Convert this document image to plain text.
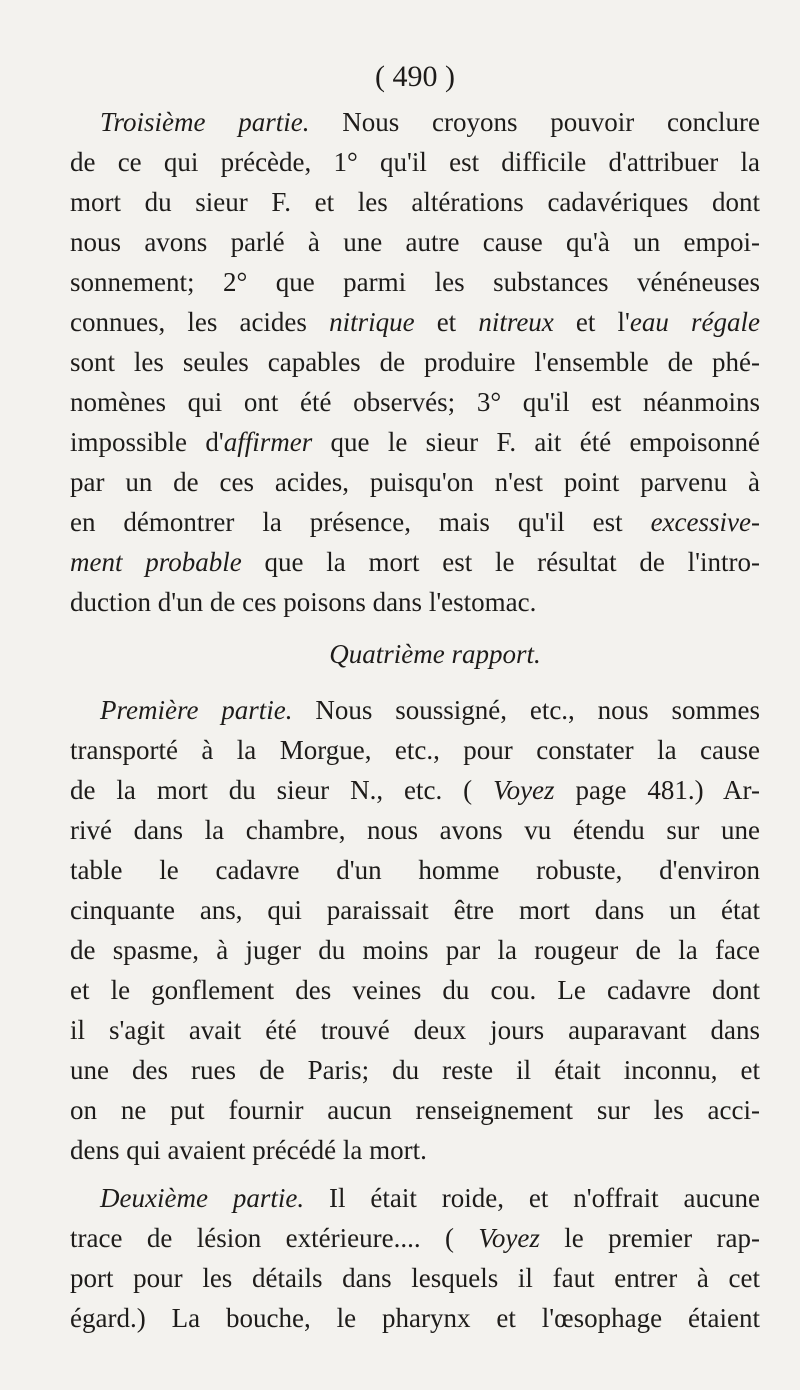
( 490 )
Troisième partie. Nous croyons pouvoir conclure
de ce qui précède, 1° qu'il est difficile d'attribuer la
mort du sieur F. et les altérations cadavériques dont
nous avons parlé à une autre cause qu'à un empoi-
sonnement; 2° que parmi les substances vénéneuses
connues, les acides nitrique et nitreux et l'eau régale
sont les seules capables de produire l'ensemble de phé-
nomènes qui ont été observés; 3° qu'il est néanmoins
impossible d'affirmer que le sieur F. ait été empoisonné
par un de ces acides, puisqu'on n'est point parvenu à
en démontrer la présence, mais qu'il est excessive-
ment probable que la mort est le résultat de l'intro-
duction d'un de ces poisons dans l'estomac.
Quatrième rapport.
Première partie. Nous soussigné, etc., nous sommes
transporté à la Morgue, etc., pour constater la cause
de la mort du sieur N., etc. ( Voyez page 481.) Ar-
rivé dans la chambre, nous avons vu étendu sur une
table le cadavre d'un homme robuste, d'environ
cinquante ans, qui paraissait être mort dans un état
de spasme, à juger du moins par la rougeur de la face
et le gonflement des veines du cou. Le cadavre dont
il s'agit avait été trouvé deux jours auparavant dans
une des rues de Paris; du reste il était inconnu, et
on ne put fournir aucun renseignement sur les acci-
dens qui avaient précédé la mort.
Deuxième partie. Il était roide, et n'offrait aucune
trace de lésion extérieure.... ( Voyez le premier rap-
port pour les détails dans lesquels il faut entrer à cet
égard.) La bouche, le pharynx et l'œsophage étaient
